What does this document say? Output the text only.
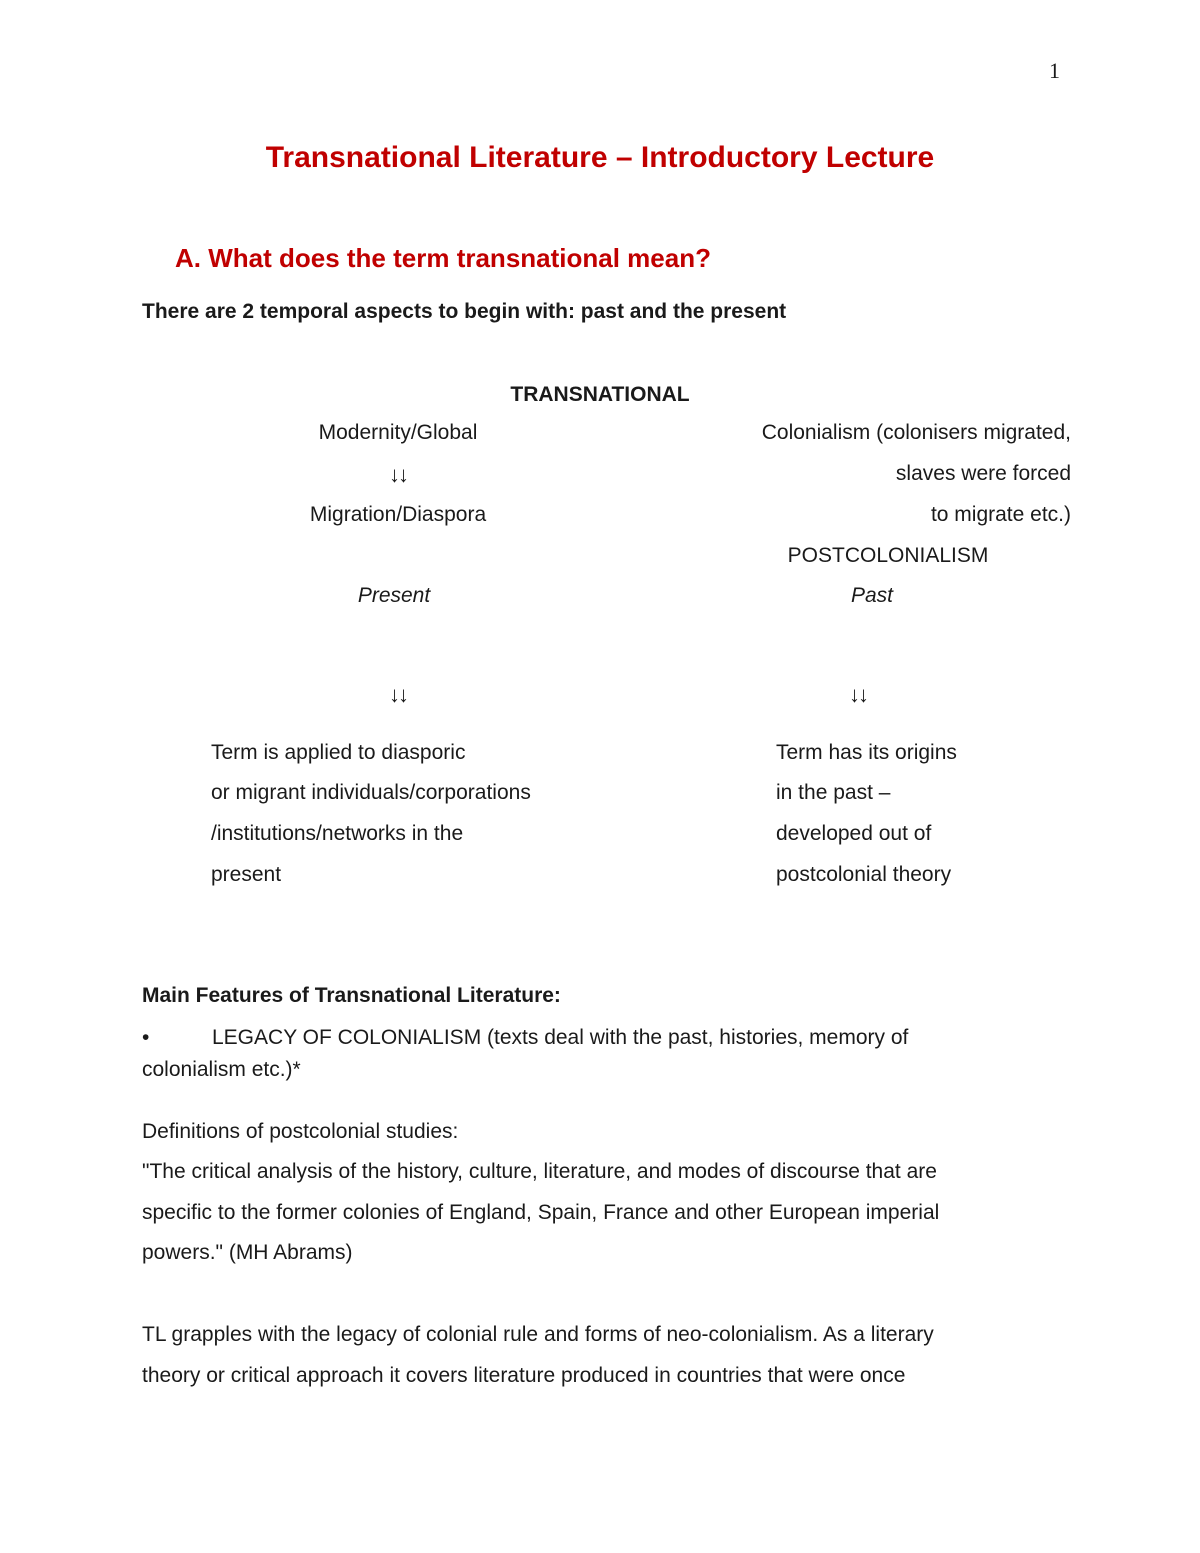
1
Transnational Literature – Introductory Lecture
A. What does the term transnational mean?
There are 2 temporal aspects to begin with: past and the present
TRANSNATIONAL
Modernity/Global
↓↓
Migration/Diaspora
Present
↓↓
Term is applied to diasporic
or migrant individuals/corporations
/institutions/networks in the
present
Colonialism (colonisers migrated,
slaves were forced
to migrate etc.)
POSTCOLONIALISM
Past
↓↓
Term has its origins
in the past –
developed out of
postcolonial theory
Main Features of Transnational Literature:
•	LEGACY OF COLONIALISM (texts deal with the past, histories, memory of
colonialism etc.)*
Definitions of postcolonial studies:
"The critical analysis of the history, culture, literature, and modes of discourse that are
specific to the former colonies of England, Spain, France and other European imperial
powers." (MH Abrams)
TL grapples with the legacy of colonial rule and forms of neo-colonialism. As a literary
theory or critical approach it covers literature produced in countries that were once
